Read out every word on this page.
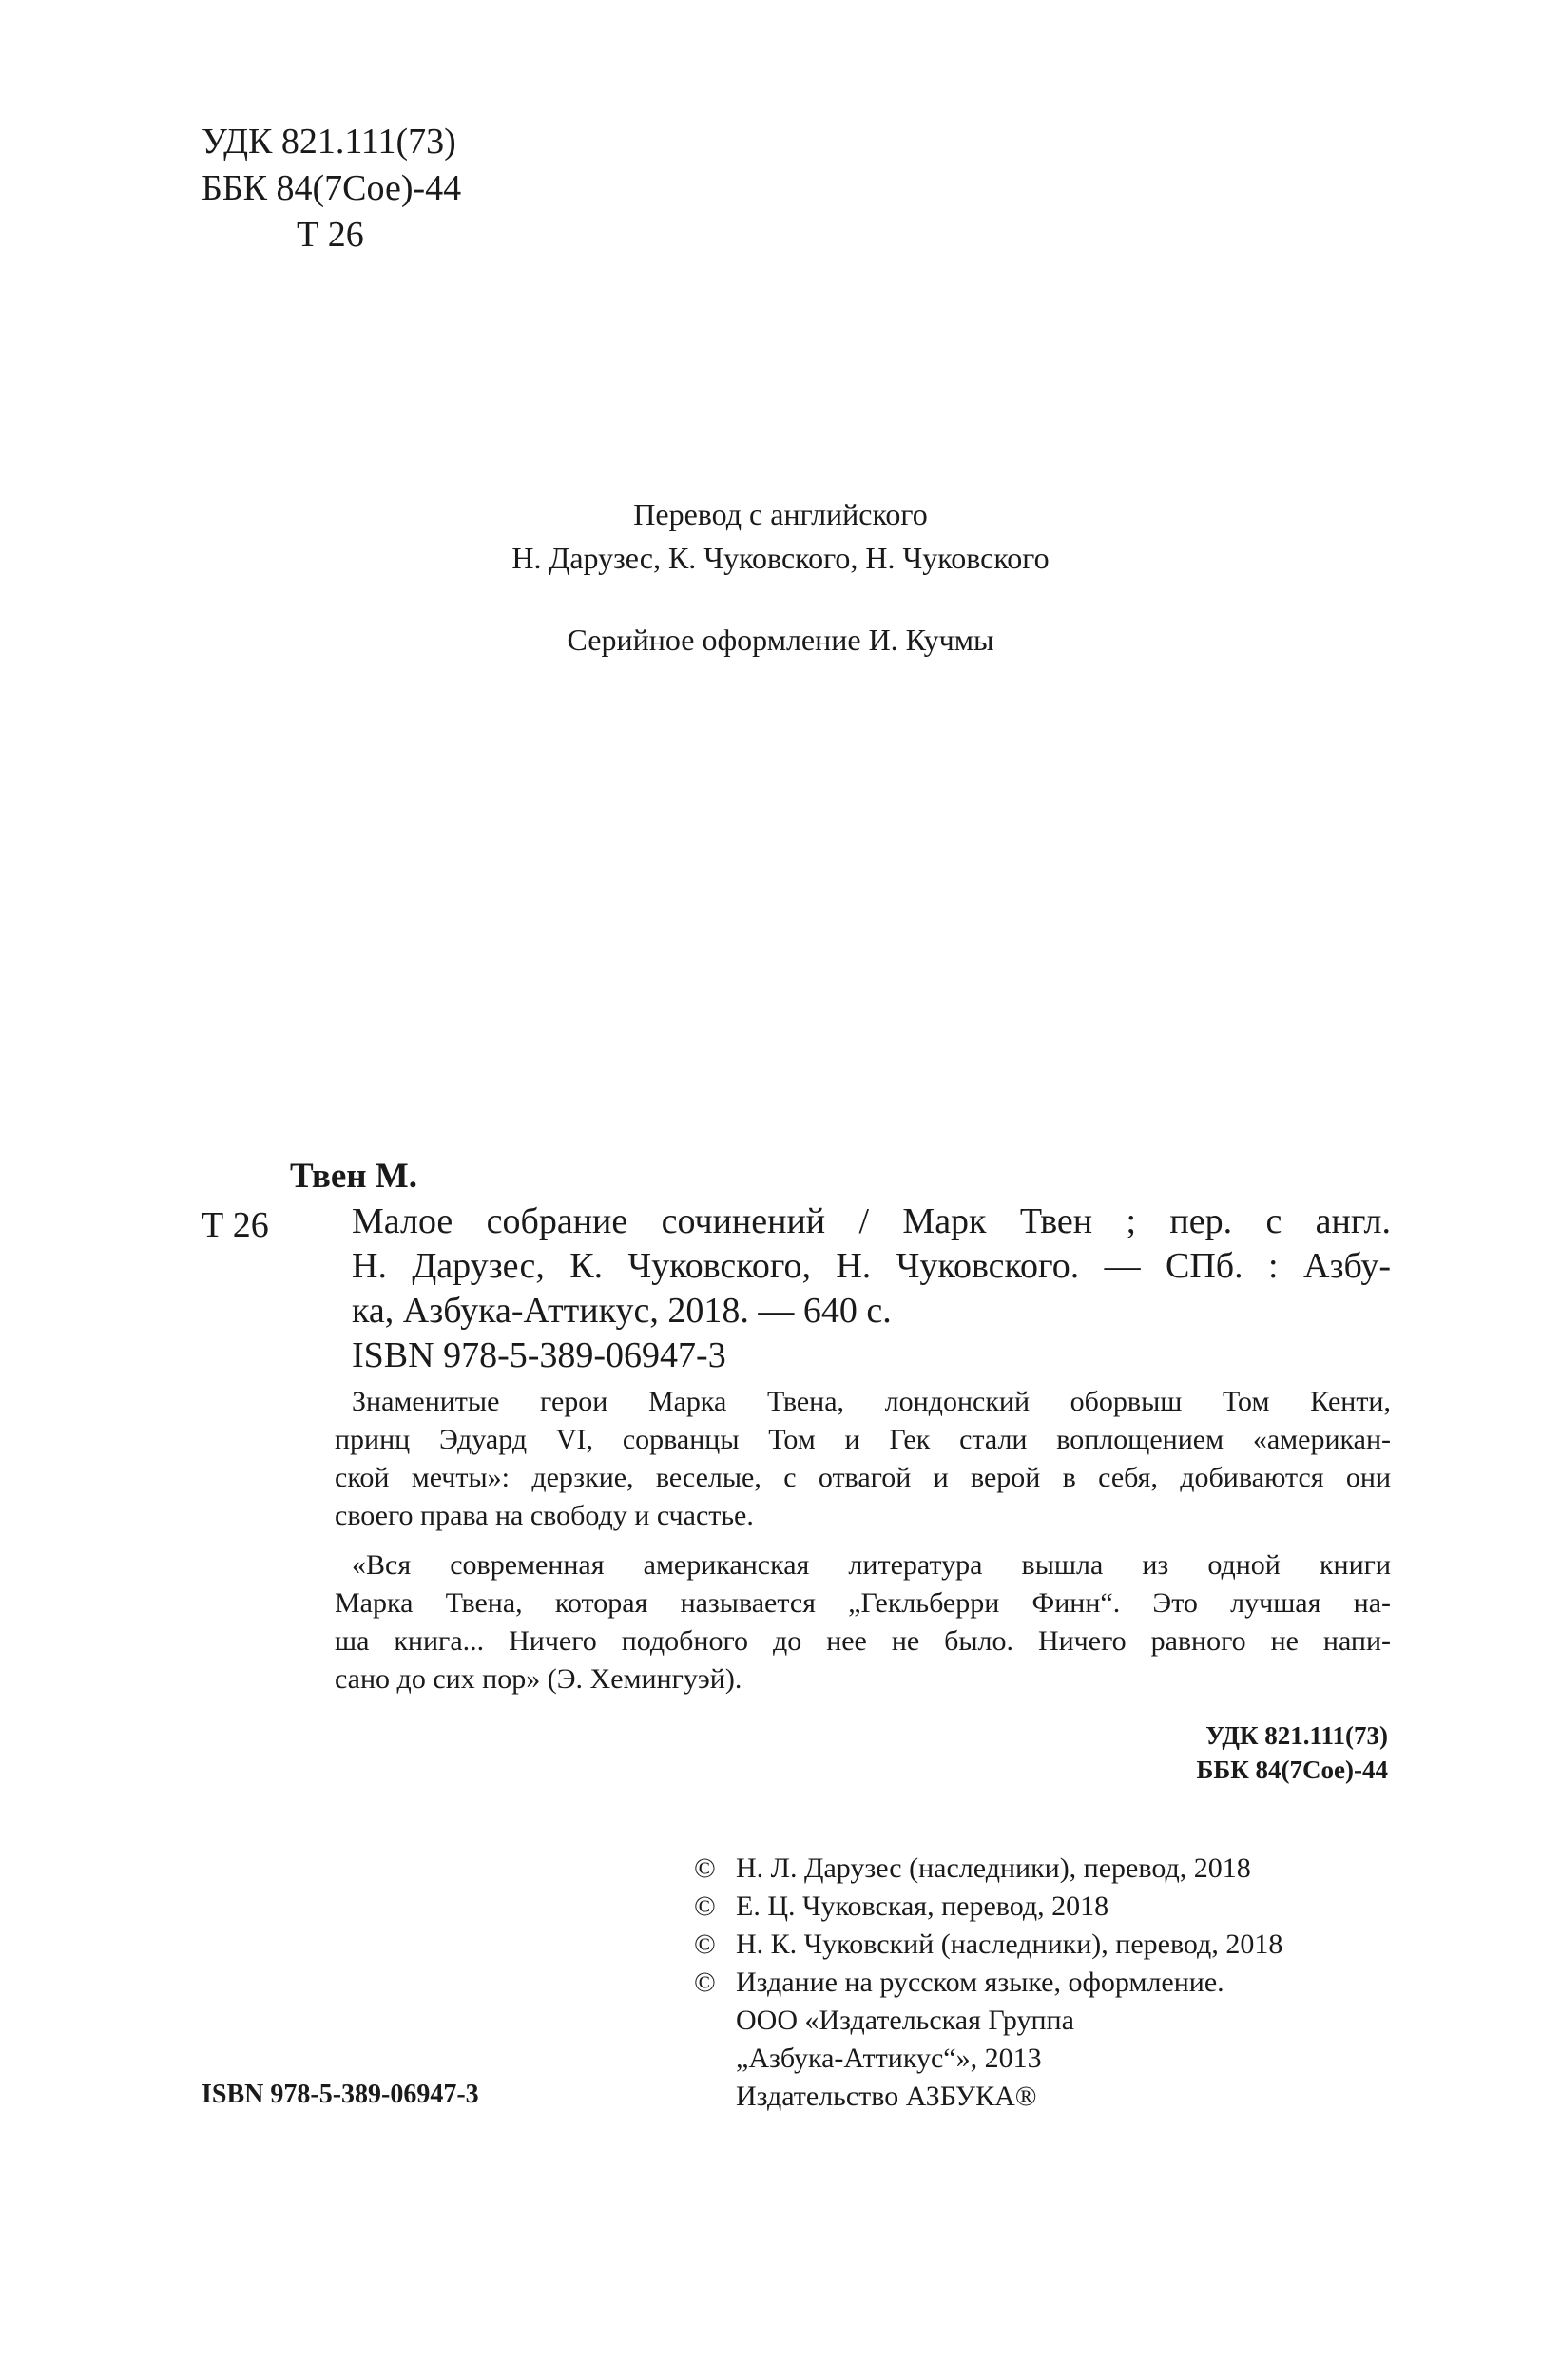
УДК 821.111(73)
ББК 84(7Сое)-44
Т 26
Перевод с английского
Н. Дарузес, К. Чуковского, Н. Чуковского
Серийное оформление И. Кучмы
Твен М.
Т 26 Малое собрание сочинений / Марк Твен ; пер. с англ.
Н. Дарузес, К. Чуковского, Н. Чуковского. — СПб. : Азбу-
ка, Азбука-Аттикус, 2018. — 640 с.
ISBN 978-5-389-06947-3
Знаменитые герои Марка Твена, лондонский оборвыш Том Кенти,
принц Эдуард VI, сорванцы Том и Гек стали воплощением «американ-
ской мечты»: дерзкие, веселые, с отвагой и верой в себя, добиваются они
своего права на свободу и счастье.
«Вся современная американская литература вышла из одной книги
Марка Твена, которая называется „Гекльберри Финн“. Это лучшая на-
ша книга... Ничего подобного до нее не было. Ничего равного не напи-
сано до сих пор» (Э. Хемингуэй).
УДК 821.111(73)
ББК 84(7Сое)-44
© Н. Л. Дарузес (наследники), перевод, 2018
© Е. Ц. Чуковская, перевод, 2018
© Н. К. Чуковский (наследники), перевод, 2018
© Издание на русском языке, оформление.
ООО «Издательская Группа
„Азбука-Аттикус“», 2013
Издательство АЗБУКА®
ISBN 978-5-389-06947-3
